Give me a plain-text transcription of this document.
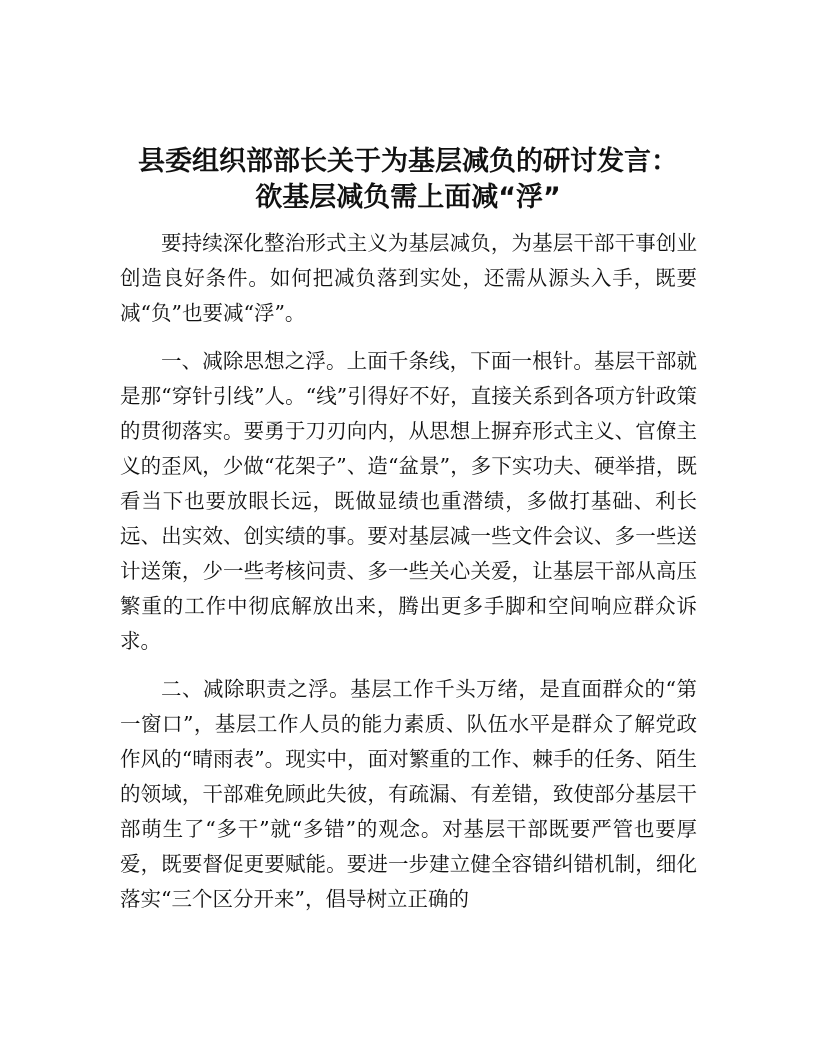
县委组织部部长关于为基层减负的研讨发言：
欲基层减负需上面减“浮”

要持续深化整治形式主义为基层减负，为基层干部干事创业创造良好条件。如何把减负落到实处，还需从源头入手，既要减“负”也要减“浮”。

一、减除思想之浮。上面千条线，下面一根针。基层干部就是那“穿针引线”人。“线”引得好不好，直接关系到各项方针政策的贯彻落实。要勇于刀刃向内，从思想上摒弃形式主义、官僚主义的歪风，少做“花架子”、造“盆景”，多下实功夫、硬举措，既看当下也要放眼长远，既做显绩也重潜绩，多做打基础、利长远、出实效、创实绩的事。要对基层减一些文件会议、多一些送计送策，少一些考核问责、多一些关心关爱，让基层干部从高压繁重的工作中彻底解放出来，腾出更多手脚和空间响应群众诉求。

二、减除职责之浮。基层工作千头万绪，是直面群众的“第一窗口”，基层工作人员的能力素质、队伍水平是群众了解党政作风的“晴雨表”。现实中，面对繁重的工作、棘手的任务、陌生的领域，干部难免顾此失彼，有疏漏、有差错，致使部分基层干部萌生了“多干”就“多错”的观念。对基层干部既要严管也要厚爱，既要督促更要赋能。要进一步建立健全容错纠错机制，细化落实“三个区分开来”，倡导树立正确的
